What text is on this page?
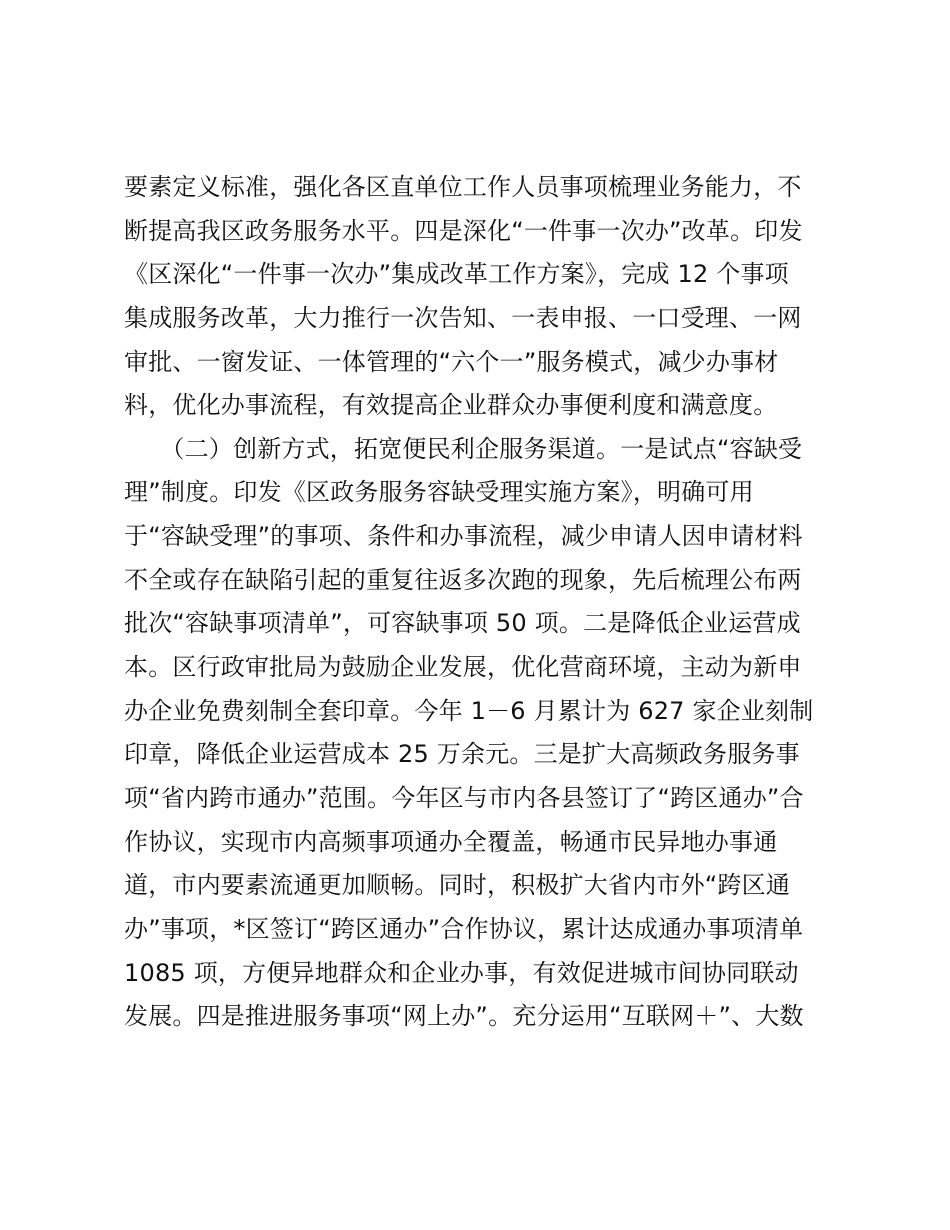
要素定义标准，强化各区直单位工作人员事项梳理业务能力，不
断提高我区政务服务水平。四是深化“一件事一次办”改革。印发
《区深化“一件事一次办”集成改革工作方案》，完成 12 个事项
集成服务改革，大力推行一次告知、一表申报、一口受理、一网
审批、一窗发证、一体管理的“六个一”服务模式，减少办事材
料，优化办事流程，有效提高企业群众办事便利度和满意度。
　　（二）创新方式，拓宽便民利企服务渠道。一是试点“容缺受
理”制度。印发《区政务服务容缺受理实施方案》，明确可用
于“容缺受理”的事项、条件和办事流程，减少申请人因申请材料
不全或存在缺陷引起的重复往返多次跑的现象，先后梳理公布两
批次“容缺事项清单”，可容缺事项 50 项。二是降低企业运营成
本。区行政审批局为鼓励企业发展，优化营商环境，主动为新申
办企业免费刻制全套印章。今年 1－6 月累计为 627 家企业刻制
印章，降低企业运营成本 25 万余元。三是扩大高频政务服务事
项“省内跨市通办”范围。今年区与市内各县签订了“跨区通办”合
作协议，实现市内高频事项通办全覆盖，畅通市民异地办事通
道，市内要素流通更加顺畅。同时，积极扩大省内市外“跨区通
办”事项，*区签订“跨区通办”合作协议，累计达成通办事项清单
1085 项，方便异地群众和企业办事，有效促进城市间协同联动
发展。四是推进服务事项“网上办”。充分运用“互联网＋”、大数
